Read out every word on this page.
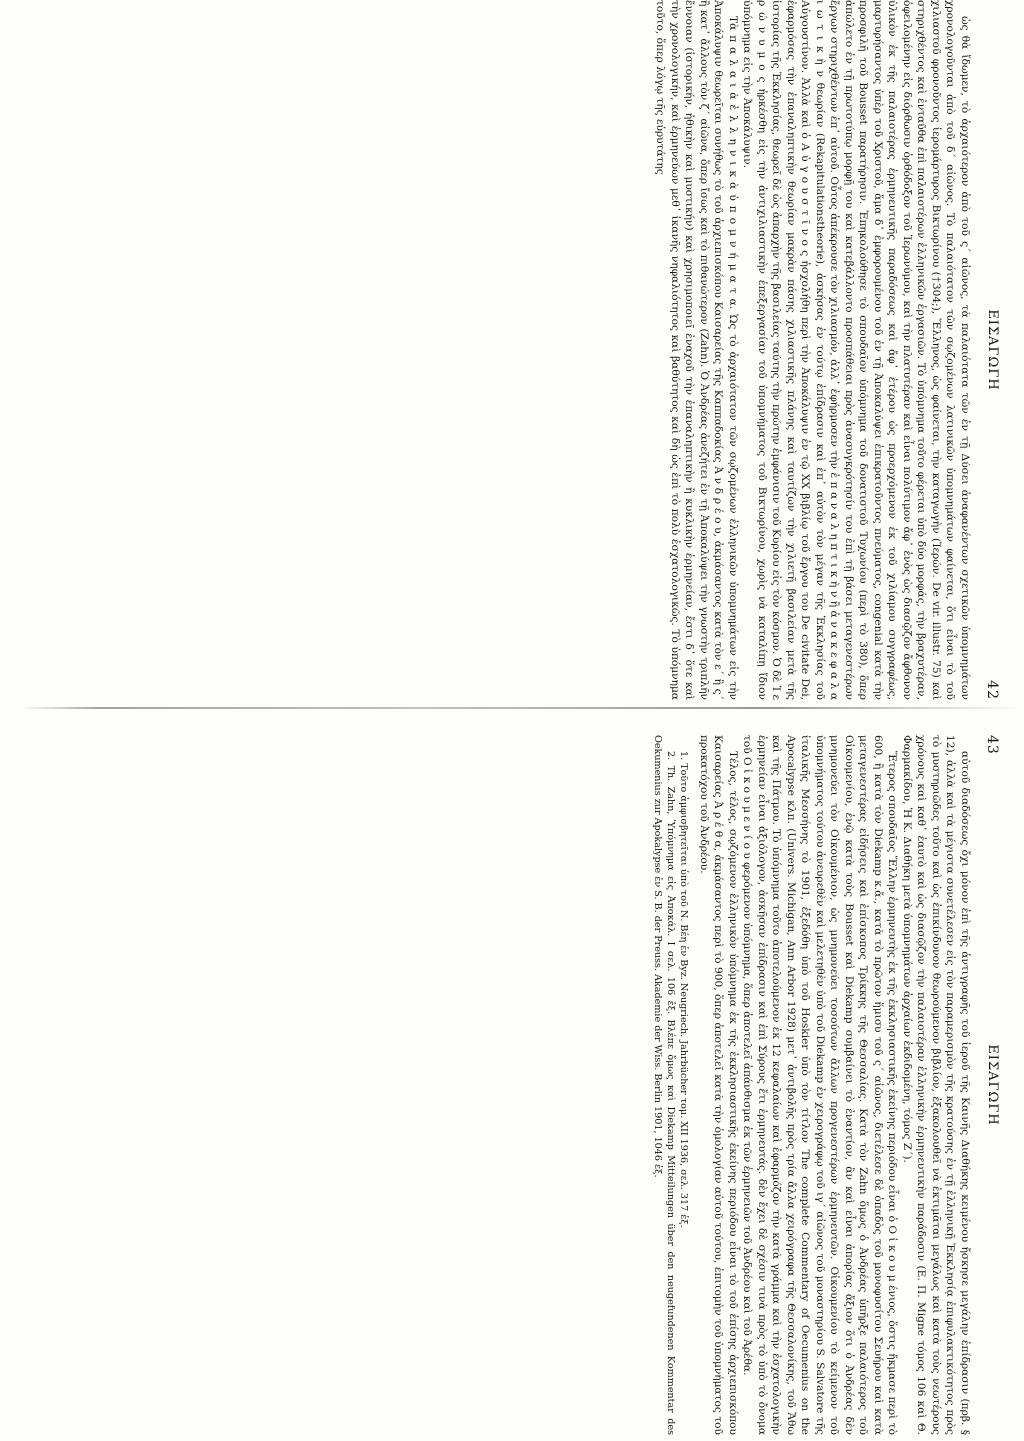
ΕΙΣΑΓΩΓΗ
42

ὡς θὰ ἴδωμεν, τὸ ἀρχαιότερον ἀπὸ τοῦ ς΄ αἰῶνος, τὰ παλαιότατα τῶν ἐν τῇ Δύσει ἀναφανέντων σχετικῶν ὑπομνημάτων χρονολογοῦνται ἀπὸ τοῦ δ΄ αἰῶνος. Τὸ παλαιότατον τῶν σῳζομένων λατινικῶν ὑπομνημάτων φαίνεται, ὅτι εἶναι τὸ τοῦ χιλιαστοῦ φρονοῦντος ἱερομάρτυρος Βικτωρίνου (†304;), Ἕλληνος, ὡς φαίνεται, τὴν καταγωγὴν (Ἱερών. De vir. illustr. 75) καὶ στηριχθέντος καὶ ἐνταῦθα ἐπὶ παλαιοτέρων ἑλληνικῶν ἐργασιῶν. Τὸ ὑπόμνημα τοῦτο φέρεται ὑπὸ δύο μορφάς, τὴν βραχυτέραν, ὀφειλομένην εἰς διόρθωσιν ὀρθόδοξον τοῦ Ἱερωνύμου, καὶ τὴν πλατυτέραν καὶ εἶναι πολύτιμον ἄφ᾽ ἑνὸς ὡς διασῷζον ἄφθονον ὑλικὸν ἐκ τῆς παλαιοτέρας ἑρμηνευτικῆς παραδόσεως καὶ ἄφ᾽ ἑτέρου ὡς προερχόμενον ἐκ τοῦ χιλίαμου συγγραφέως, μαρτυρήσαντος ὑπὲρ τοῦ Χριστοῦ, ἅμα δ᾽ ἐμφορουμένου τοῦ ἐν τῇ Ἀποκαλύψει ἐπικρατοῦντος πνεύματος, congenial κατὰ τὴν προσφιλῆ τοῦ Bousset παρατήρησιν. Ἐπηκολούθησε τὸ σπουδαῖον ὑπόμνημα τοῦ δονατιστοῦ Τυχωνίου (περὶ τὸ 380), ὅπερ ἀπώλετο ἐν τῇ πρωτοτύπῳ μορφῇ του καὶ κατεβάλλοντο προσπάθειαι πρὸς ἀνασυγκρότησίν του ἐπὶ τῇ βάσει μεταγενεστέρων ἔργων στηριχθέντων ἐπ᾽ αὐτοῦ. Οὗτος ἀπέκρουσε τὸν χιλιασμόν, ἀλλ᾽ ἐφήρμοσεν τὴν ἐ π α ν α λ η π τ ι κ ὴ ν ἢ ἀ ν α κ ε φ α λ α ι ω τ ι κ ὴ ν θεωρίαν (Rekapitulationstheorie), ἀσκήσας ἐν τούτῳ ἐπίδρασιν καὶ ἐπ᾽ αὐτὸν τὸν μέγαν τῆς Ἐκκλησίας τοῦ Αὐγουστίνον. Ἀλλὰ καὶ ὁ Α ὐ γ ο υ σ τ ῖ ν ο ς ἠσχολήθη περὶ τὴν Ἀποκάλυψιν ἐν τῷ XX βιβλίῳ τοῦ ἔργου του De civitate Dei, ἐφαρμόσας τὴν ἐπαναληπτικὴν θεωρίαν μακρὰν πάσης χιλιαστικῆς πλάνης καὶ ταυτίζων τὴν χιλιετῆ βασιλείαν μετὰ τῆς ἱστορίας τῆς Ἐκκλησίας, θεωρεῖ δὲ ὡς ἀπαρχὴν τῆς βασιλείας ταύτης τὴν πρώτην ἐμφάνισιν τοῦ Κυρίου εἰς τὸν κόσμον. Ὁ δὲ Ἱ ε ρ ώ ν υ μ ο ς ἠρκέσθη εἰς τὴν ἀντιχιλιαστικὴν ἐπεξεργασίαν τοῦ ὑπομνήματος τοῦ Βικτωρίνου, χωρὶς νὰ καταλίπῃ ἴδιον ὑπόμνημα εἰς τὴν Ἀποκάλυψιν.

Τὰ π α λ α ι ὰ ἑ λ λ η ν ι κ ὰ ὑ π ο μ ν ή μ α τ α. Ὡς τὸ ἀρχαιότατον τῶν σῳζομένων ἑλληνικῶν ὑπομνημάτων εἰς τὴν Ἀποκάλυψιν θεωρεῖται συνήθως τὸ τοῦ ἀρχιεπισκόπου Καισαρείας τῆς Καππαδοκίας Ἀ ν δ ρ έ ο υ, ἀκμάσαντος κατὰ τὸν ε΄ ἢ ς΄ ἢ κατ᾽ ἄλλους τὸν ζ΄ αἰῶνα, ὅπερ ἴσως καὶ τὸ πιθανώτερον (Zahn). Ὁ Ἀνδρέας ἀνεζήτει ἐν τῇ Ἀποκαλύψει τὴν γνωστὴν τριπλῆν ἔννοιαν (ἱστορικήν, ἠθικὴν καὶ μυστικήν) καὶ χρησιμοποιεῖ ἐναχοῦ τὴν ἐπαναληπτικὴν ἢ κυκλικὴν ἑρμηνείαν, ἔστι δ᾽ ὅτε καὶ τὴν χρονολογικήν, καὶ ἑρμηνεύων μεθ᾽ ἱκανῆς νηφαλιότητος καὶ βαθύτητος καὶ δὴ ὡς ἐπὶ τὸ πολὺ ἐσχατολογικῶς. Τὸ ὑπόμνημα τοῦτο, ὅπερ λόγῳ τῆς εὐρυτάτης

43
ΕΙΣΑΓΩΓΗ

αὐτοῦ διαδόσεως ὄχι μόνον ἐπὶ τῆς ἀντιγραφῆς τοῦ ἱεροῦ τῆς Καινῆς Διαθήκης κειμένου ἤσκησε μεγάλην ἐπίδρασιν (πρβ. § 12), ἀλλὰ καὶ τὰ μέγιστα συνετέλεσεν εἰς τὸν παραμερισμὸν τῆς κρατούσης ἐν τῇ ἑλληνικῇ Ἐκκλησίᾳ ἐπιφυλακτικότητος πρὸς τὸ μυστηριῶδες τοῦτο καὶ ὡς ἐπικίνδυνον θεωρούμενον βιβλίον, ἐξακολουθεῖ νὰ ἐκτιμᾶται μεγάλως καὶ κατὰ τοὺς νεωτέρους χρόνους καὶ καθ᾽ ἑαυτὸ καὶ ὡς διασῷζον τὴν παλαιοτέραν ἑλληνικὴν ἑρμηνευτικὴν παράδοσιν (Ε. Π. Migne τόμος 106 καὶ Θ. Φαρμακίδου, Ἡ Κ. Διαθήκη μετὰ ὑπομνημάτων ἀρχαίων ἐκδιδομένη, τόμος Ζ΄).

Ἕτερος σπουδαῖος Ἕλλην ἑρμηνευτὴς ἐκ τῆς ἐκκλησιαστικῆς ἐκείνης περιόδου εἶναι ὁ Ο ἰ κ ο υ μ ένιος, ὅστις ἤκμασε περὶ τὸ 600, ἢ κατὰ τὸν Diekamp κ.ἄ., κατὰ τὸ πρῶτον ἥμισυ τοῦ ς΄ αἰῶνος, διετέλεσε δὲ ὀπαδὸς τοῦ μονοφυσίτου Σευήρου καὶ κατὰ μεταγενεστέρας εἰδήσεις καὶ ἐπίσκοπος Τρίκκης τῆς Θεσσαλίας. Κατὰ τὸν Zahn ὅμως ὁ Ἀνδρέας ὑπῆρξε παλαιότερος τοῦ Οἰκουμενίου, ἐνῷ κατὰ τοὺς Bousset καὶ Diekamp συμβαίνει τὸ ἐναντίον, ἂν καὶ εἶναι ἀπορίας ἄξιον ὅτι ὁ Ἀνδρέας δὲν μνημονεύει τὸν Οἰκουμένιον, ὡς μνημονεύει τοσούτων ἄλλων προγενεστέρων ἑρμηνευτῶν. Οἰκουμενίου τὸ κείμενον τοῦ ὑπομνήματος τούτου ἀνευρεθὲν καὶ μελετηθὲν ὑπὸ τοῦ Diekamp ἐν χειρογράφῳ τοῦ ιγ΄ αἰῶνος τοῦ μοναστηρίου S. Salvatore τῆς ἰταλικῆς Μεσσήνης τὸ 1901, ἐξεδόθη ὑπὸ τοῦ Hoskier ὑπὸ τὸν τίτλον The complete Commentary of Oecumenius on the Apocalypse κλπ. (Univers. Michigan, Ann Arbor 1928) μετ᾽ ἀντιβολῆς πρὸς τρία ἄλλα χειρόγραφα τῆς Θεσσαλονίκης, τοῦ Ἄθω καὶ τῆς Πάτμου. Τὸ ὑπόμνημα τοῦτο ἀποτελούμενον ἐκ 12 κεφαλαίων καὶ ἐφαρμόζον τὴν κατὰ γράμμα καὶ τὴν ἐσχατολογικὴν ἑρμηνείαν εἶναι ἀξιόλογον, ἀσκῆσαν ἐπίδρασιν καὶ ἐπὶ Σύρους ἔτι ἑρμηνευτάς. δὲν ἔχει δὲ σχέσιν τινὰ πρὸς τὸ ὑπὸ τὸ ὄνομα τοῦ Ο ἰ κ ο υ μ ε ν ί ο υ φερόμενον ὑπόμνημα, ὅπερ ἀποτελεῖ ἀπάνθισμα ἐκ τῶν ἑρμηνειῶν τοῦ Ἀνδρέου καὶ τοῦ Ἀρέθα.

Τέλος, τέλος, σῳζόμενον ἑλληνικὸν ὑπόμνημα ἐκ τῆς ἐκκλησιαστικῆς ἐκείνης περιόδου εἶναι τὸ τοῦ ἐπίσης ἀρχιεπισκόπου Καισαρείας Ἀ ρ έ θ α, ἀκμάσαντος περὶ τὸ 900, ὅπερ ἀποτελεῖ κατὰ τὴν ὁμολογίαν αὐτοῦ τούτου, ἐπιτομὴν τοῦ ὑπομνήματος τοῦ προκατόχου τοῦ Ἀνδρέου.

1. Τοῦτο ἀμφισβητεῖται ὑπὸ τοῦ Ν. Βέη ἐν Byz. Neugriech. Jahrbücher τομ. XII 1936, σελ. 317 ἑξ.

2. Th. Zahn, Ὑπόμνημα εἰς Ἀποκάλ. I σελ. 106 ἑξ. Βλέπε ὅμως καὶ Diekamp Mitteilungen über den neugefundenen Kommentar des Oekumenius zur Apokalypse ἐν S. B. der Preuss. Akademie der Wiss. Berlin 1901, 1046 ἑξ.
